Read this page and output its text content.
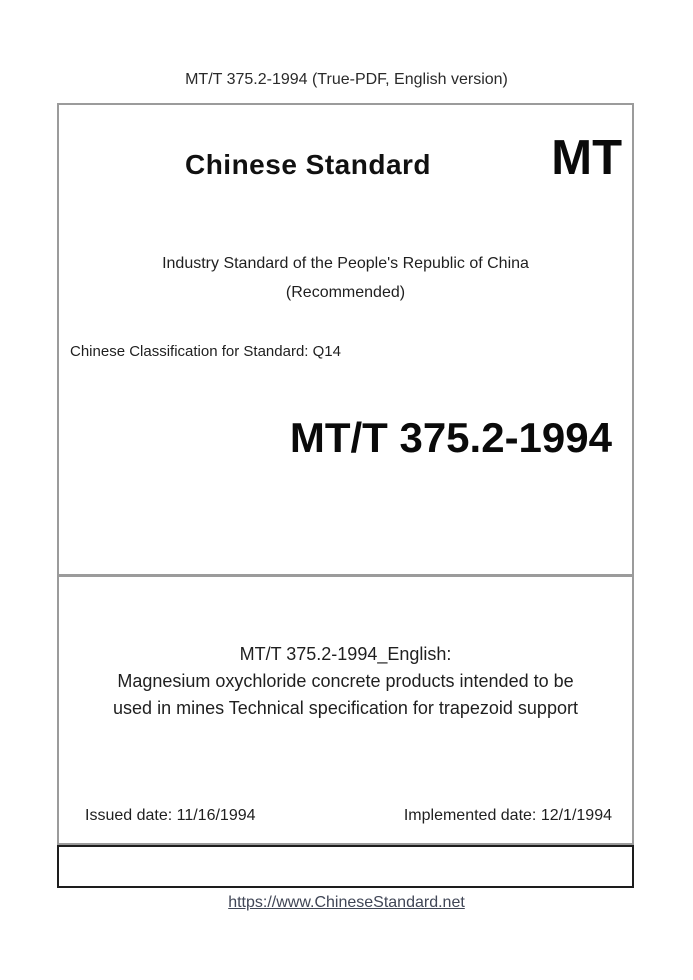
MT/T 375.2-1994 (True-PDF, English version)
Chinese Standard	MT
Industry Standard of the People's Republic of China
(Recommended)
Chinese Classification for Standard: Q14
MT/T 375.2-1994
MT/T 375.2-1994_English:
Magnesium oxychloride concrete products intended to be
used in mines Technical specification for trapezoid support
Issued date: 11/16/1994	Implemented date: 12/1/1994
https://www.ChineseStandard.net
